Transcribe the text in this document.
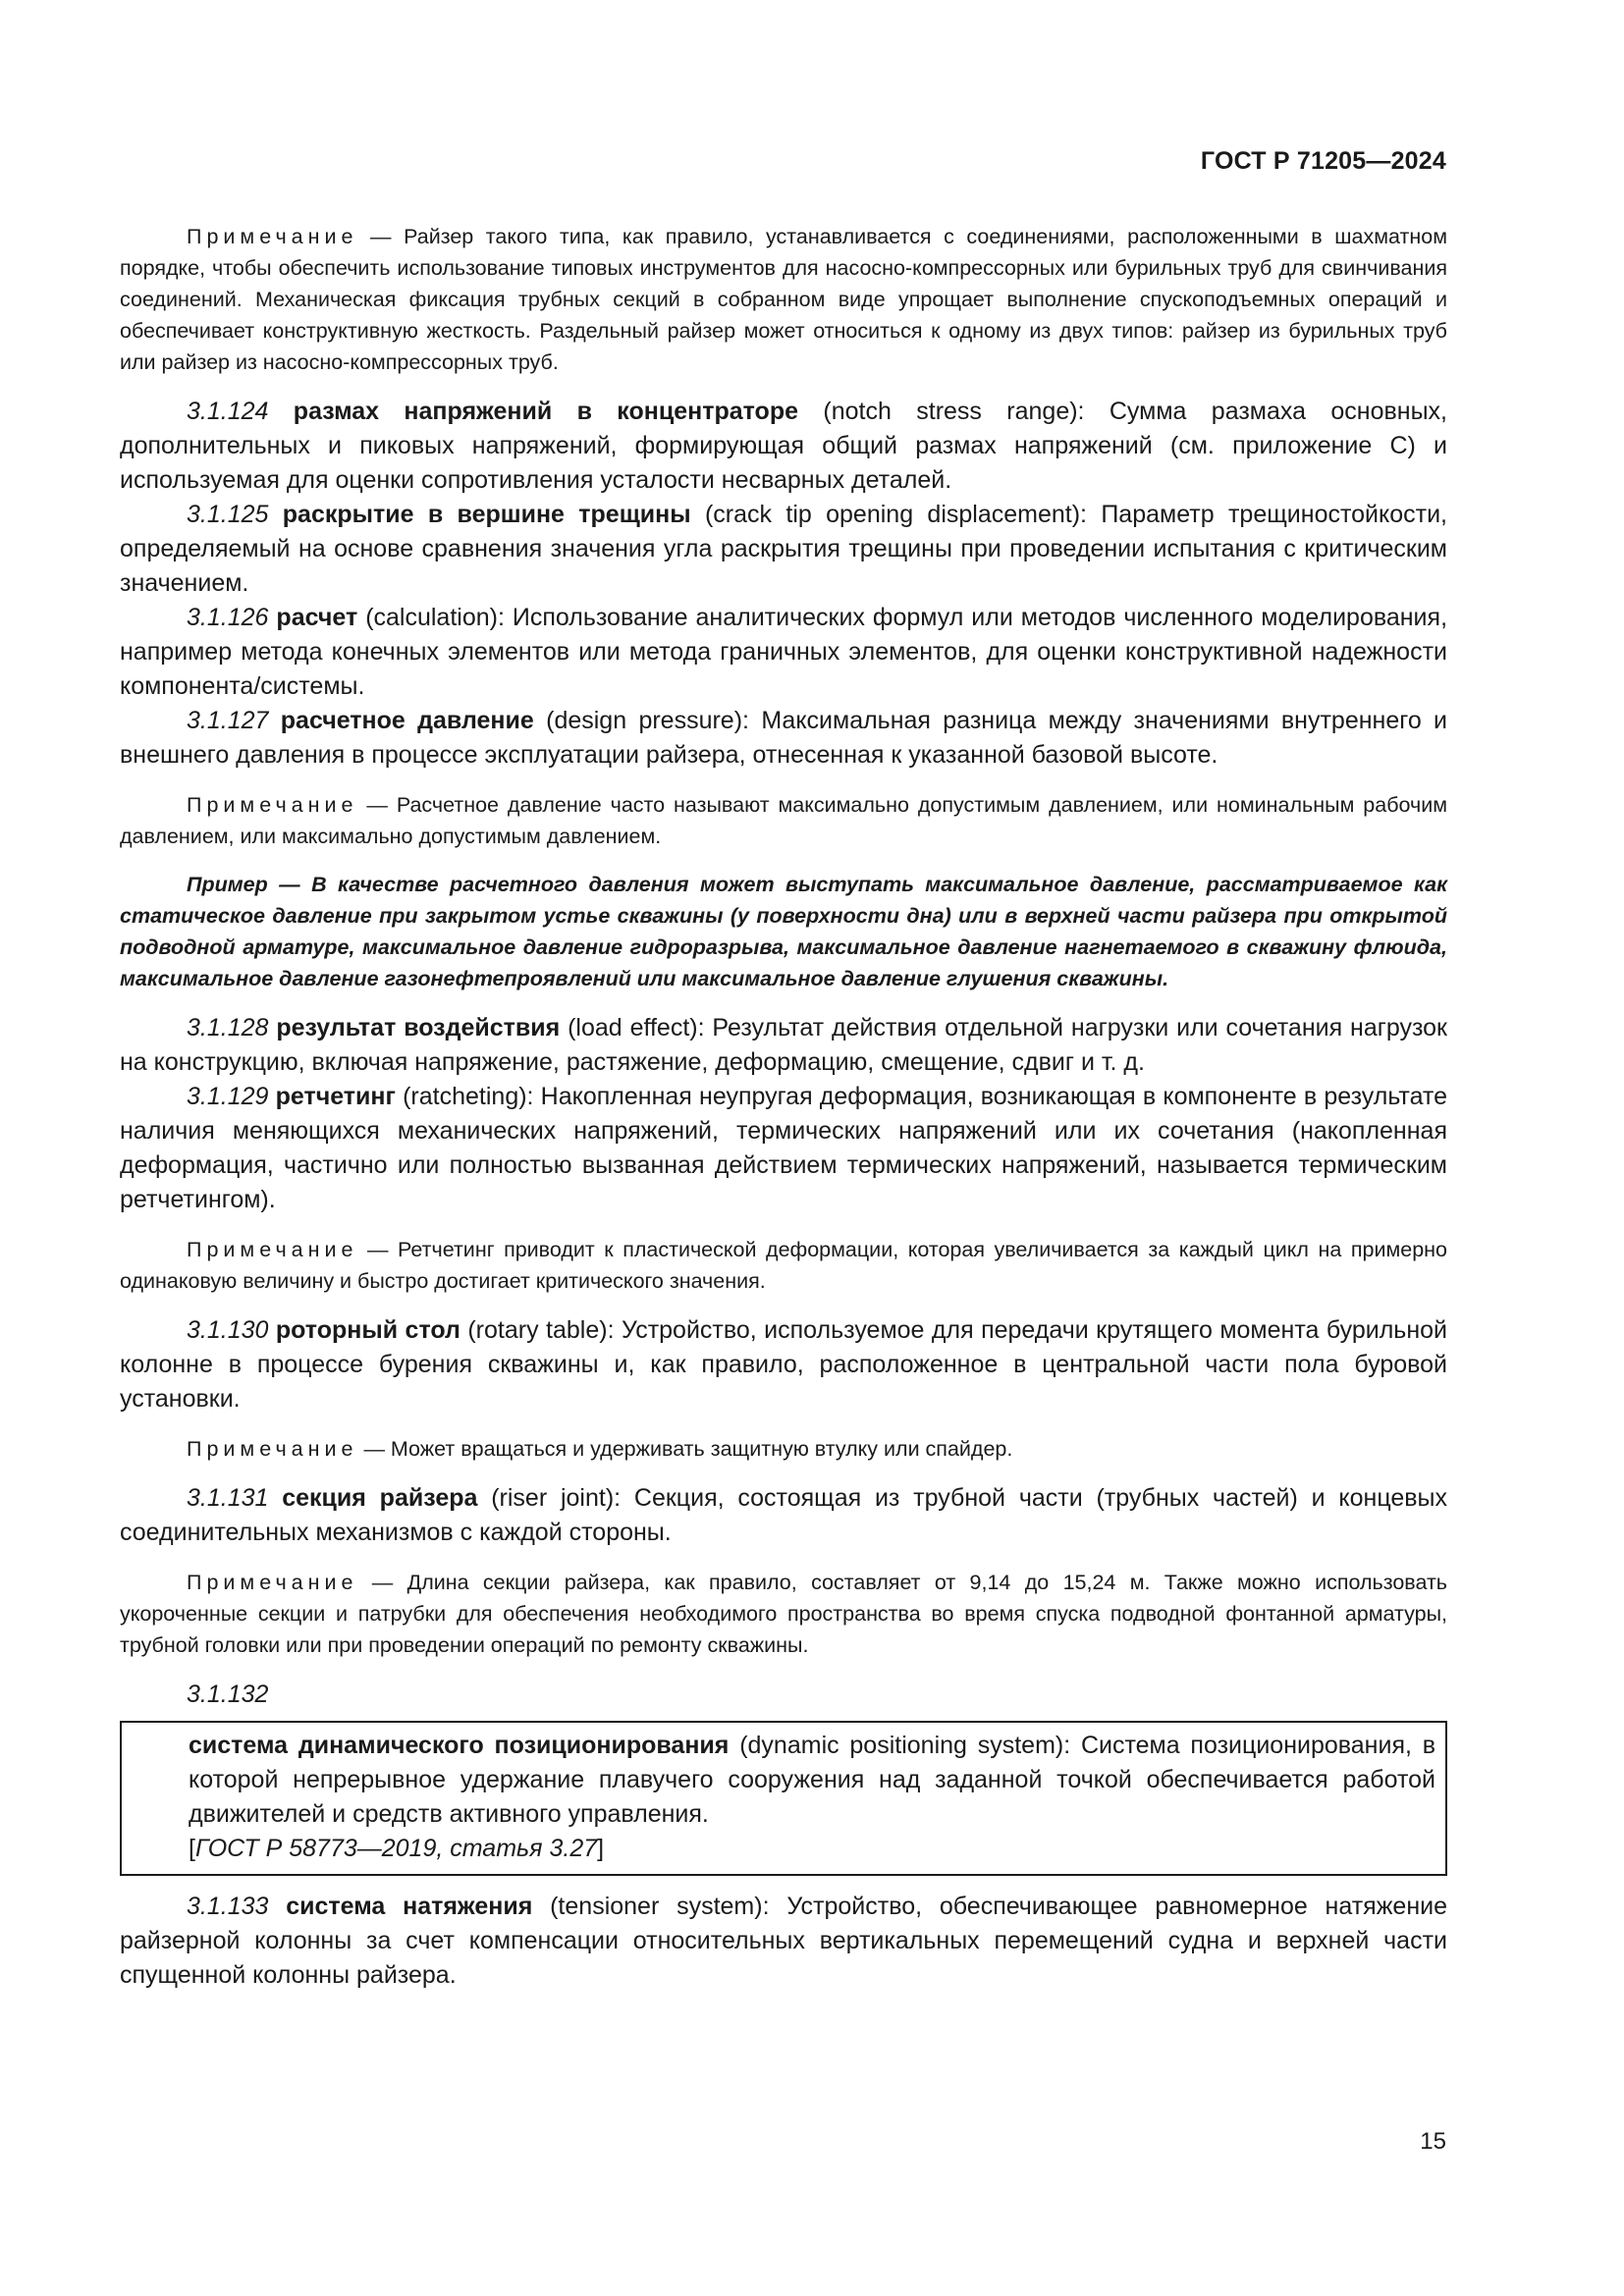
ГОСТ Р 71205—2024

Примечание — Райзер такого типа, как правило, устанавливается с соединениями, расположенными в шахматном порядке, чтобы обеспечить использование типовых инструментов для насосно-компрессорных или бурильных труб для свинчивания соединений. Механическая фиксация трубных секций в собранном виде упрощает выполнение спускоподъемных операций и обеспечивает конструктивную жесткость. Раздельный райзер может относиться к одному из двух типов: райзер из бурильных труб или райзер из насосно-компрессорных труб.

3.1.124 размах напряжений в концентраторе (notch stress range): Сумма размаха основных, дополнительных и пиковых напряжений, формирующая общий размах напряжений (см. приложение С) и используемая для оценки сопротивления усталости несварных деталей.

3.1.125 раскрытие в вершине трещины (crack tip opening displacement): Параметр трещиностойкости, определяемый на основе сравнения значения угла раскрытия трещины при проведении испытания с критическим значением.

3.1.126 расчет (calculation): Использование аналитических формул или методов численного моделирования, например метода конечных элементов или метода граничных элементов, для оценки конструктивной надежности компонента/системы.

3.1.127 расчетное давление (design pressure): Максимальная разница между значениями внутреннего и внешнего давления в процессе эксплуатации райзера, отнесенная к указанной базовой высоте.

Примечание — Расчетное давление часто называют максимально допустимым давлением, или номинальным рабочим давлением, или максимально допустимым давлением.

Пример — В качестве расчетного давления может выступать максимальное давление, рассматриваемое как статическое давление при закрытом устье скважины (у поверхности дна) или в верхней части райзера при открытой подводной арматуре, максимальное давление гидроразрыва, максимальное давление нагнетаемого в скважину флюида, максимальное давление газонефтепроявлений или максимальное давление глушения скважины.

3.1.128 результат воздействия (load effect): Результат действия отдельной нагрузки или сочетания нагрузок на конструкцию, включая напряжение, растяжение, деформацию, смещение, сдвиг и т. д.

3.1.129 ретчетинг (ratcheting): Накопленная неупругая деформация, возникающая в компоненте в результате наличия меняющихся механических напряжений, термических напряжений или их сочетания (накопленная деформация, частично или полностью вызванная действием термических напряжений, называется термическим ретчетингом).

Примечание — Ретчетинг приводит к пластической деформации, которая увеличивается за каждый цикл на примерно одинаковую величину и быстро достигает критического значения.

3.1.130 роторный стол (rotary table): Устройство, используемое для передачи крутящего момента бурильной колонне в процессе бурения скважины и, как правило, расположенное в центральной части пола буровой установки.

Примечание — Может вращаться и удерживать защитную втулку или спайдер.

3.1.131 секция райзера (riser joint): Секция, состоящая из трубной части (трубных частей) и концевых соединительных механизмов с каждой стороны.

Примечание — Длина секции райзера, как правило, составляет от 9,14 до 15,24 м. Также можно использовать укороченные секции и патрубки для обеспечения необходимого пространства во время спуска подводной фонтанной арматуры, трубной головки или при проведении операций по ремонту скважины.

3.1.132

система динамического позиционирования (dynamic positioning system): Система позиционирования, в которой непрерывное удержание плавучего сооружения над заданной точкой обеспечивается работой движителей и средств активного управления.

[ГОСТ Р 58773—2019, статья 3.27]

3.1.133 система натяжения (tensioner system): Устройство, обеспечивающее равномерное натяжение райзерной колонны за счет компенсации относительных вертикальных перемещений судна и верхней части спущенной колонны райзера.

15
